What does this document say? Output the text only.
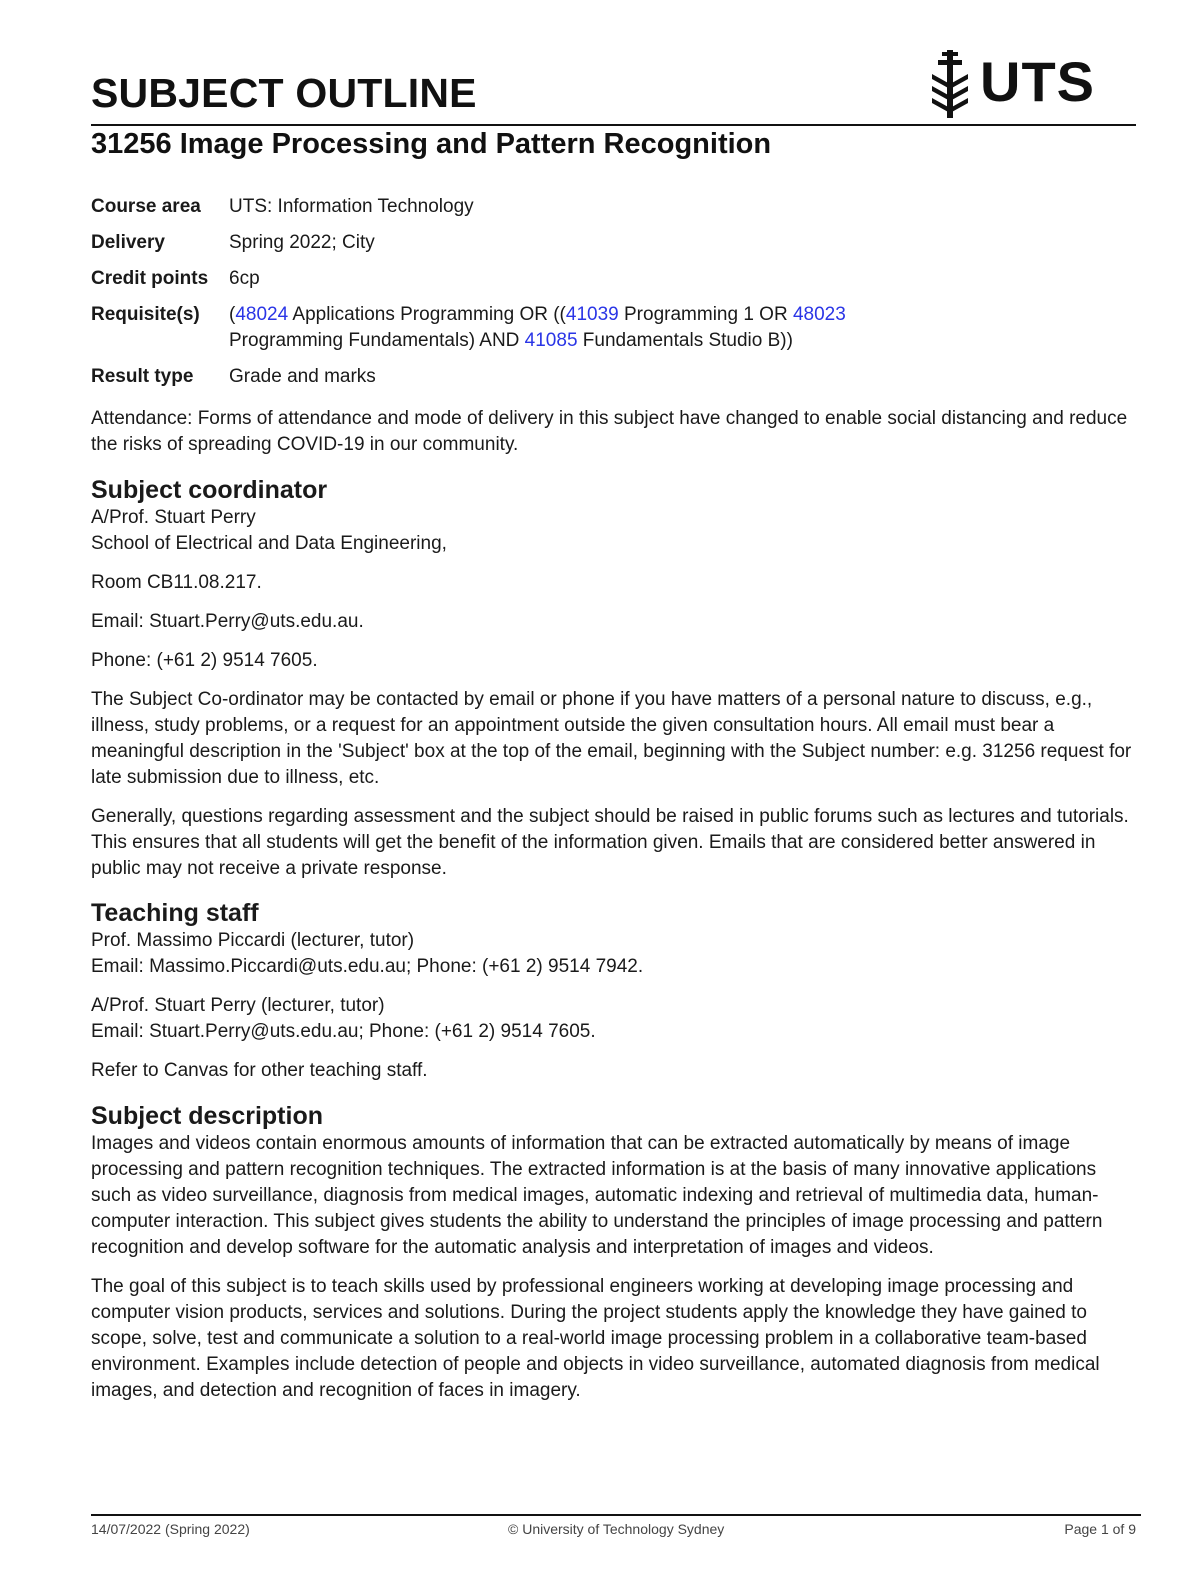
SUBJECT OUTLINE	UTS
31256 Image Processing and Pattern Recognition
Course area	UTS: Information Technology
Delivery	Spring 2022; City
Credit points	6cp
Requisite(s)	(48024 Applications Programming OR ((41039 Programming 1 OR 48023 Programming Fundamentals) AND 41085 Fundamentals Studio B))
Result type	Grade and marks

Attendance: Forms of attendance and mode of delivery in this subject have changed to enable social distancing and reduce the risks of spreading COVID-19 in our community.

Subject coordinator
A/Prof. Stuart Perry

School of Electrical and Data Engineering,

Room CB11.08.217.

Email: Stuart.Perry@uts.edu.au.

Phone: (+61 2) 9514 7605.

The Subject Co-ordinator may be contacted by email or phone if you have matters of a personal nature to discuss, e.g., illness, study problems, or a request for an appointment outside the given consultation hours. All email must bear a meaningful description in the 'Subject' box at the top of the email, beginning with the Subject number: e.g. 31256 request for late submission due to illness, etc.

Generally, questions regarding assessment and the subject should be raised in public forums such as lectures and tutorials. This ensures that all students will get the benefit of the information given. Emails that are considered better answered in public may not receive a private response.

Teaching staff
Prof. Massimo Piccardi (lecturer, tutor)

Email: Massimo.Piccardi@uts.edu.au; Phone: (+61 2) 9514 7942.

A/Prof. Stuart Perry (lecturer, tutor)

Email: Stuart.Perry@uts.edu.au; Phone: (+61 2) 9514 7605.

Refer to Canvas for other teaching staff.

Subject description

Images and videos contain enormous amounts of information that can be extracted automatically by means of image processing and pattern recognition techniques. The extracted information is at the basis of many innovative applications such as video surveillance, diagnosis from medical images, automatic indexing and retrieval of multimedia data, human-computer interaction. This subject gives students the ability to understand the principles of image processing and pattern recognition and develop software for the automatic analysis and interpretation of images and videos.

The goal of this subject is to teach skills used by professional engineers working at developing image processing and computer vision products, services and solutions. During the project students apply the knowledge they have gained to scope, solve, test and communicate a solution to a real-world image processing problem in a collaborative team-based environment. Examples include detection of people and objects in video surveillance, automated diagnosis from medical images, and detection and recognition of faces in imagery.

14/07/2022 (Spring 2022)	© University of Technology Sydney	Page 1 of 9
